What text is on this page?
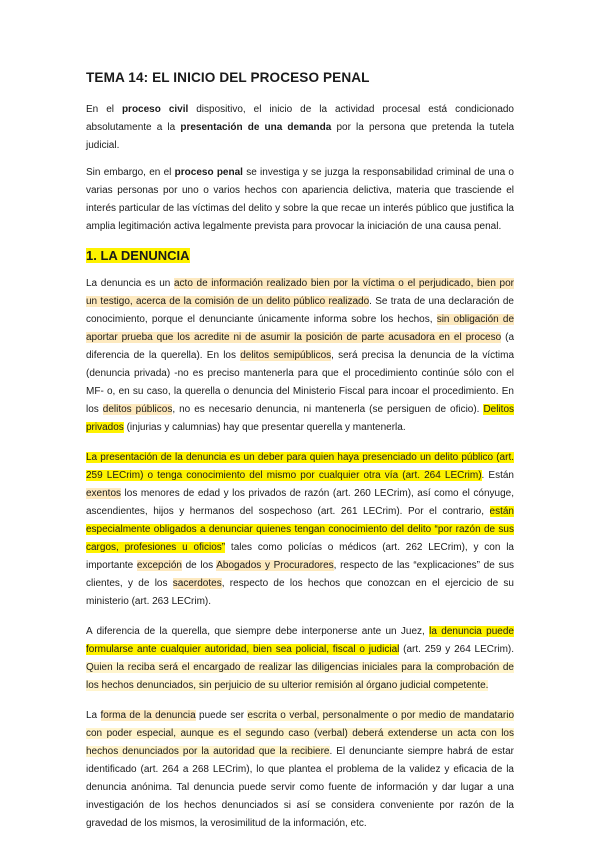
TEMA 14: EL INICIO DEL PROCESO PENAL

En el proceso civil dispositivo, el inicio de la actividad procesal está condicionado absolutamente a la presentación de una demanda por la persona que pretenda la tutela judicial.

Sin embargo, en el proceso penal se investiga y se juzga la responsabilidad criminal de una o varias personas por uno o varios hechos con apariencia delictiva, materia que trasciende el interés particular de las víctimas del delito y sobre la que recae un interés público que justifica la amplia legitimación activa legalmente prevista para provocar la iniciación de una causa penal.

1. LA DENUNCIA

La denuncia es un acto de información realizado bien por la víctima o el perjudicado, bien por un testigo, acerca de la comisión de un delito público realizado. Se trata de una declaración de conocimiento, porque el denunciante únicamente informa sobre los hechos, sin obligación de aportar prueba que los acredite ni de asumir la posición de parte acusadora en el proceso (a diferencia de la querella). En los delitos semipúblicos, será precisa la denuncia de la víctima (denuncia privada) -no es preciso mantenerla para que el procedimiento continúe sólo con el MF- o, en su caso, la querella o denuncia del Ministerio Fiscal para incoar el procedimiento. En los delitos públicos, no es necesario denuncia, ni mantenerla (se persiguen de oficio). Delitos privados (injurias y calumnias) hay que presentar querella y mantenerla.

La presentación de la denuncia es un deber para quien haya presenciado un delito público (art. 259 LECrim) o tenga conocimiento del mismo por cualquier otra vía (art. 264 LECrim). Están exentos los menores de edad y los privados de razón (art. 260 LECrim), así como el cónyuge, ascendientes, hijos y hermanos del sospechoso (art. 261 LECrim). Por el contrario, están especialmente obligados a denunciar quienes tengan conocimiento del delito “por razón de sus cargos, profesiones u oficios” tales como policías o médicos (art. 262 LECrim), y con la importante excepción de los Abogados y Procuradores, respecto de las “explicaciones” de sus clientes, y de los sacerdotes, respecto de los hechos que conozcan en el ejercicio de su ministerio (art. 263 LECrim).

A diferencia de la querella, que siempre debe interponerse ante un Juez, la denuncia puede formularse ante cualquier autoridad, bien sea policial, fiscal o judicial (art. 259 y 264 LECrim). Quien la reciba será el encargado de realizar las diligencias iniciales para la comprobación de los hechos denunciados, sin perjuicio de su ulterior remisión al órgano judicial competente.

La forma de la denuncia puede ser escrita o verbal, personalmente o por medio de mandatario con poder especial, aunque es el segundo caso (verbal) deberá extenderse un acta con los hechos denunciados por la autoridad que la recibiere. El denunciante siempre habrá de estar identificado (art. 264 a 268 LECrim), lo que plantea el problema de la validez y eficacia de la denuncia anónima. Tal denuncia puede servir como fuente de información y dar lugar a una investigación de los hechos denunciados si así se considera conveniente por razón de la gravedad de los mismos, la verosimilitud de la información, etc.
